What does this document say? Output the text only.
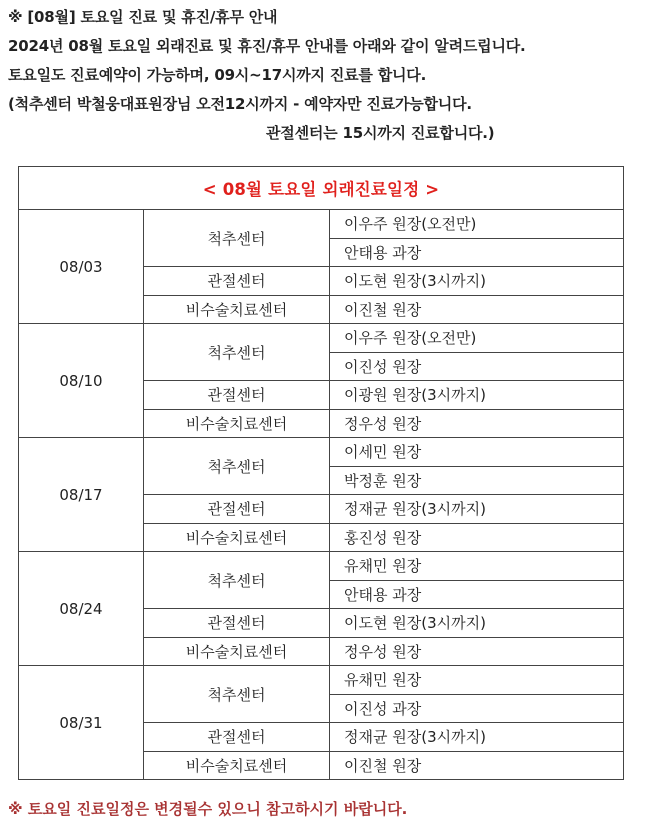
※ [08월] 토요일 진료 및 휴진/휴무 안내
2024년 08월 토요일 외래진료 및 휴진/휴무 안내를 아래와 같이 알려드립니다.
토요일도 진료예약이 가능하며, 09시~17시까지 진료를 합니다.
(척추센터 박철웅대표원장님 오전12시까지 - 예약자만 진료가능합니다.
관절센터는 15시까지 진료합니다.)
< 08월 토요일 외래진료일정 >		
08/03	척추센터	이우주 원장(오전만)
		안태용 과장
	관절센터	이도현 원장(3시까지)
	비수술치료센터	이진철 원장
08/10	척추센터	이우주 원장(오전만)
		이진성 원장
	관절센터	이광원 원장(3시까지)
	비수술치료센터	정우성 원장
08/17	척추센터	이세민 원장
		박정훈 원장
	관절센터	정재균 원장(3시까지)
	비수술치료센터	홍진성 원장
08/24	척추센터	유채민 원장
		안태용 과장
	관절센터	이도현 원장(3시까지)
	비수술치료센터	정우성 원장
08/31	척추센터	유채민 원장
		이진성 과장
	관절센터	정재균 원장(3시까지)
	비수술치료센터	이진철 원장
※ 토요일 진료일정은 변경될수 있으니 참고하시기 바랍니다.
